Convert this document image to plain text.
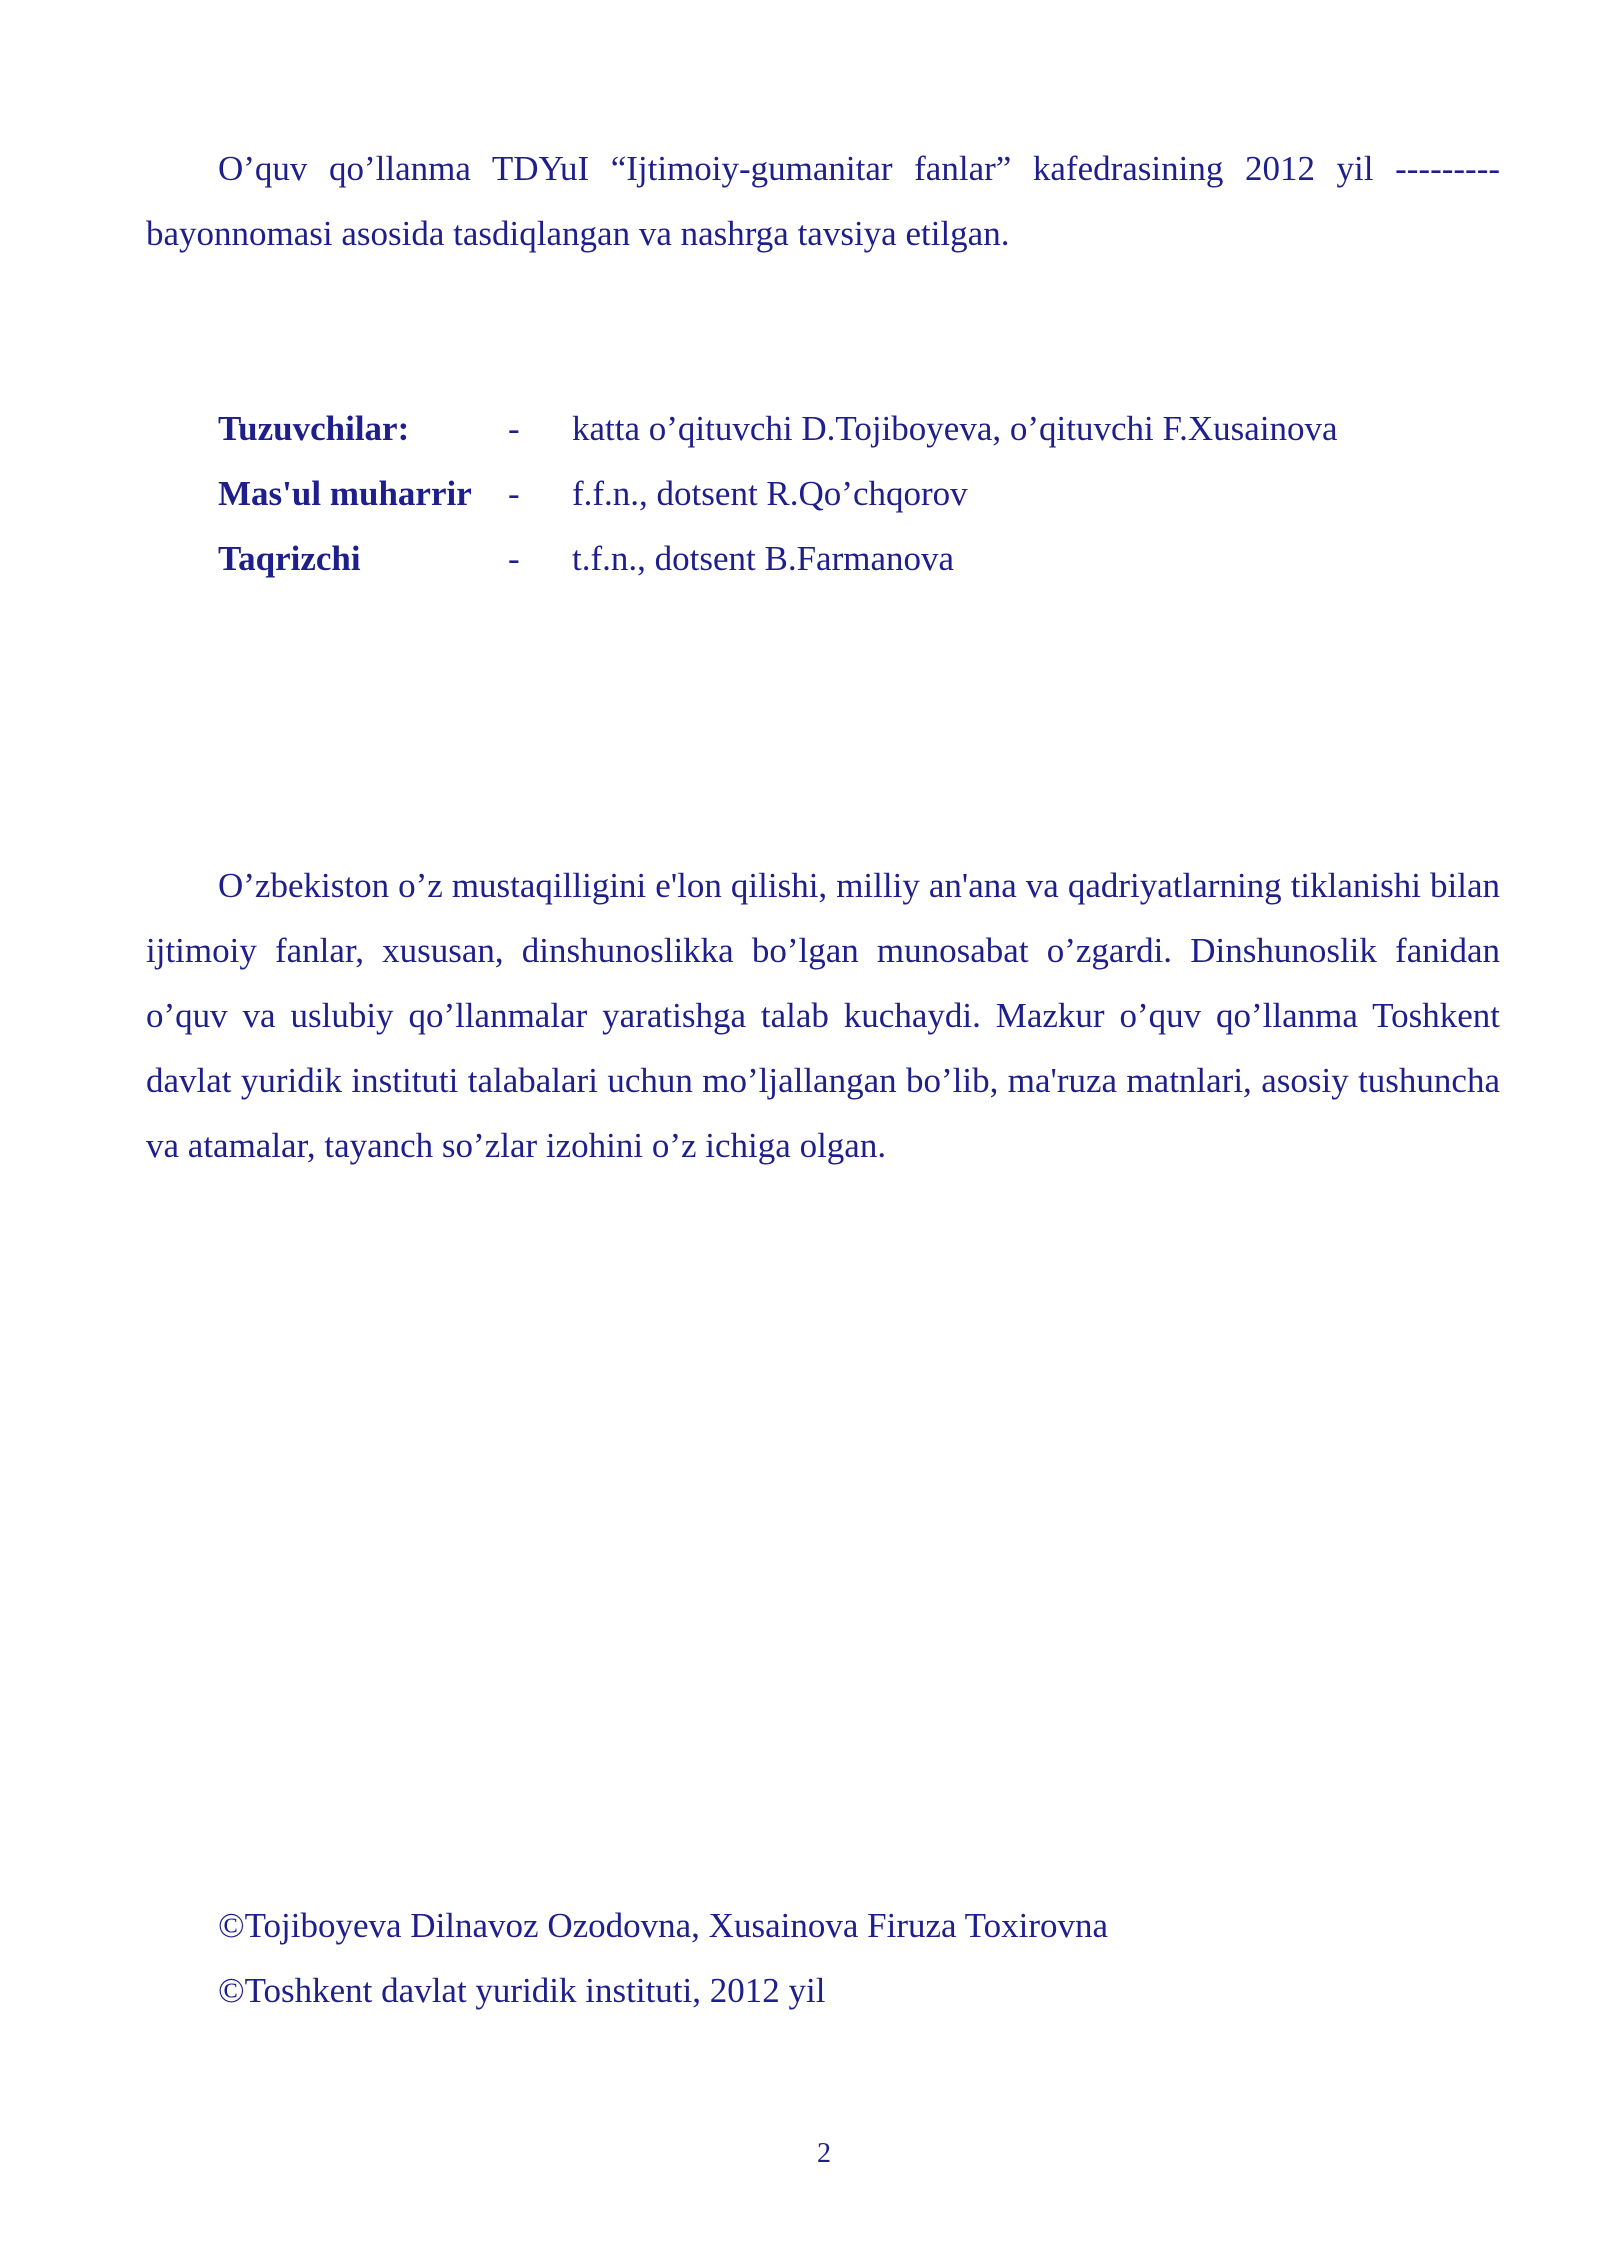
O’quv qo’llanma TDYuI “Ijtimoiy-gumanitar fanlar” kafedrasining 2012 yil --------- bayonnomasi asosida tasdiqlangan va nashrga tavsiya etilgan.

Tuzuvchilar:	-	katta o’qituvchi D.Tojiboyeva, o’qituvchi F.Xusainova
Mas'ul muharrir	-	f.f.n., dotsent R.Qo’chqorov
Taqrizchi	-	t.f.n., dotsent B.Farmanova

O’zbekiston o’z mustaqilligini e'lon qilishi, milliy an'ana va qadriyatlarning tiklanishi bilan ijtimoiy fanlar, xususan, dinshunoslikka bo’lgan munosabat o’zgardi. Dinshunoslik fanidan o’quv va uslubiy qo’llanmalar yaratishga talab kuchaydi. Mazkur o’quv qo’llanma Toshkent davlat yuridik instituti talabalari uchun mo’ljallangan bo’lib, ma'ruza matnlari, asosiy tushuncha va atamalar, tayanch so’zlar izohini o’z ichiga olgan.

©Tojiboyeva Dilnavoz Ozodovna, Xusainova Firuza Toxirovna
©Toshkent davlat yuridik instituti, 2012 yil
2
